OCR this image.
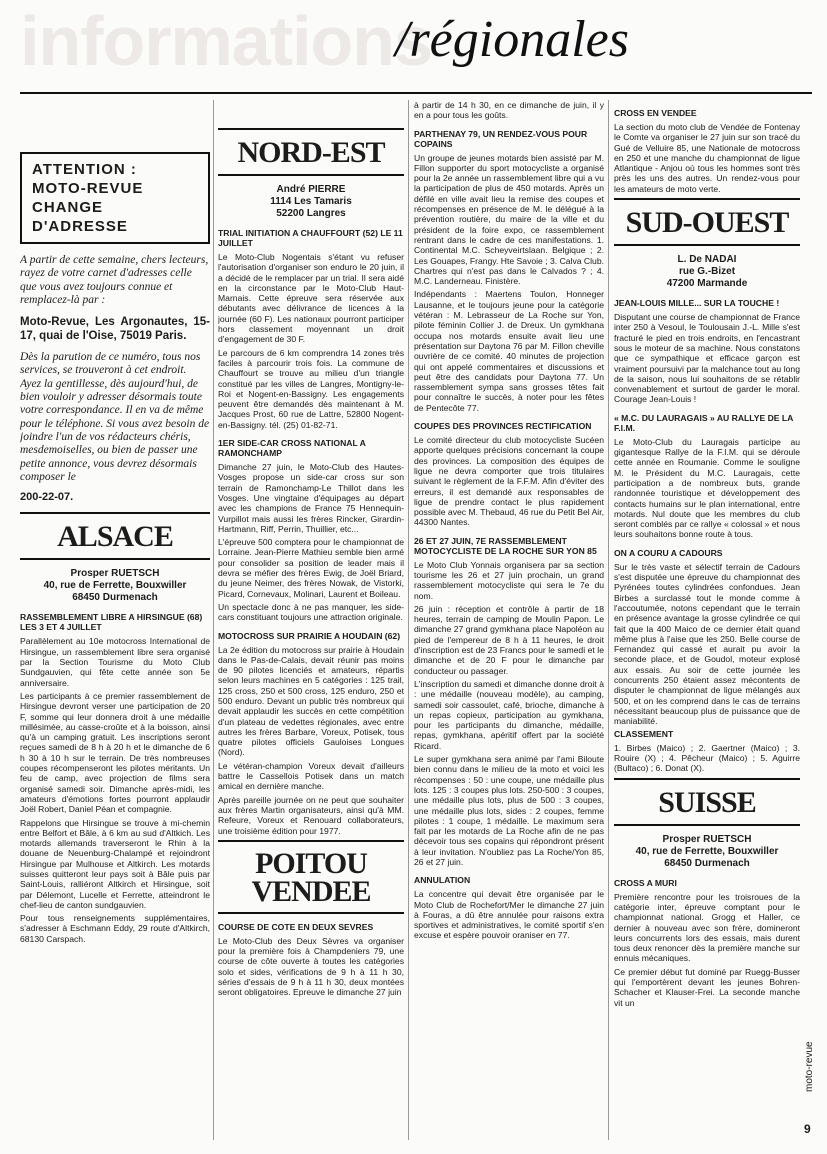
informations
/régionales

ATTENTION :

MOTO-REVUE

CHANGE

D'ADRESSE

A partir de cette semaine, chers lecteurs, rayez de votre carnet d'adresses celle que vous avez toujours connue et remplacez-là par :

Moto-Revue, Les Argonautes, 15-17, quai de l'Oise, 75019 Paris.

Dès la parution de ce numéro, tous nos services, se trouveront à cet endroit. Ayez la gentillesse, dès aujourd'hui, de bien vouloir y adresser désormais toute votre correspondance. Il en va de même pour le téléphone. Si vous avez besoin de joindre l'un de vos rédacteurs chéris, mesdemoiselles, ou bien de passer une petite annonce, vous devrez désormais composer le

200-22-07.

ALSACE
Prosper RUETSCH
40, rue de Ferrette, Bouxwiller
68450 Durmenach
RASSEMBLEMENT LIBRE A HIRSINGUE (68) LES 3 ET 4 JUILLET

Parallèlement au 10e motocross International de Hirsingue, un rassemblement libre sera organisé par la Section Tourisme du Moto Club Sundgauvien, qui fête cette année son 5e anniversaire.

Les participants à ce premier rassemblement de Hirsingue devront verser une participation de 20 F, somme qui leur donnera droit à une médaille millésimée, au casse-croûte et à la boisson, ainsi qu'à un camping gratuit. Les inscriptions seront reçues samedi de 8 h à 20 h et le dimanche de 6 h 30 à 10 h sur le terrain. De très nombreuses coupes récompenseront les pilotes méritants. Un feu de camp, avec projection de films sera organisé samedi soir. Dimanche après-midi, les amateurs d'émotions fortes pourront applaudir Joël Robert, Daniel Péan et compagnie.

Rappelons que Hirsingue se trouve à mi-chemin entre Belfort et Bâle, à 6 km au sud d'Altkich. Les motards allemands traverseront le Rhin à la douane de Neuenburg-Chalampé et rejoindront Hirsingue par Mulhouse et Altkirch. Les motards suisses quitteront leur pays soit à Bâle puis par Saint-Louis, ralliéront Altkirch et Hirsingue, soit par Délemont, Lucelle et Ferrette, atteindront le chef-lieu de canton sundgauvien.

Pour tous renseignements supplémentaires, s'adresser à Eschmann Eddy, 29 route d'Altkirch, 68130 Carspach.

NORD-EST
André PIERRE
1114 Les Tamaris
52200 Langres
TRIAL INITIATION A CHAUFFOURT (52) LE 11 JUILLET

Le Moto-Club Nogentais s'étant vu refuser l'autorisation d'organiser son enduro le 20 juin, il a décidé de le remplacer par un trial. Il sera aidé en la circonstance par le Moto-Club Haut-Marnais. Cette épreuve sera réservée aux débutants avec délivrance de licences à la journée (60 F). Les nationaux pourront participer hors classement moyennant un droit d'engagement de 30 F.

Le parcours de 6 km comprendra 14 zones très faciles à parcourir trois fois. La commune de Chauffourt se trouve au milieu d'un triangle constitué par les villes de Langres, Montigny-le-Roi et Nogent-en-Bassigny. Les engagements peuvent être demandés dès maintenant à M. Jacques Prost, 60 rue de Lattre, 52800 Nogent-en-Bassigny. tél. (25) 01-82-71.

1ER SIDE-CAR CROSS NATIONAL A RAMONCHAMP

Dimanche 27 juin, le Moto-Club des Hautes-Vosges propose un side-car cross sur son terrain de Ramonchamp-Le Thillot dans les Vosges. Une vingtaine d'équipages au départ avec les champions de France 75 Hennequin-Vurpillot mais aussi les frères Rincker, Girardin-Hartmann, Riff, Perrin, Thuillier, etc...

L'épreuve 500 comptera pour le championnat de Lorraine. Jean-Pierre Mathieu semble bien armé pour consolider sa position de leader mais il devra se méfier des frères Ewig, de Joël Briard, du jeune Neimer, des frères Nowak, de Vistorki, Picard, Cornevaux, Molinari, Laurent et Boileau.

Un spectacle donc à ne pas manquer, les side-cars constituant toujours une attraction originale.

MOTOCROSS SUR PRAIRIE A HOUDAIN (62)

La 2e édition du motocross sur prairie à Houdain dans le Pas-de-Calais, devait réunir pas moins de 90 pilotes licenciés et amateurs, répartis selon leurs machines en 5 catégories : 125 trail, 125 cross, 250 et 500 cross, 125 enduro, 250 et 500 enduro. Devant un public très nombreux qui devait applaudir les succès en cette compétition d'un plateau de vedettes régionales, avec entre autres les frères Barbare, Voreux, Potisek, tous quatre pilotes officiels Gauloises Longues (Nord).

Le vétéran-champion Voreux devait d'ailleurs battre le Cassellois Potisek dans un match amical en dernière manche.

Après pareille journée on ne peut que souhaiter aux frères Martin organisateurs, ainsi qu'à MM. Refeure, Voreux et Renouard collaborateurs, une troisième édition pour 1977.

POITOU
VENDEE
COURSE DE COTE EN DEUX SEVRES

Le Moto-Club des Deux Sèvres va organiser pour la première fois à Champdeniers 79, une course de côte ouverte à toutes les catégories solo et sides, vérifications de 9 h à 11 h 30, séries d'essais de 9 h à 11 h 30, deux montées seront obligatoires. Epreuve le dimanche 27 juin

à partir de 14 h 30, en ce dimanche de juin, il y en a pour tous les goûts.

PARTHENAY 79, UN RENDEZ-VOUS POUR COPAINS

Un groupe de jeunes motards bien assisté par M. Fillon supporter du sport motocycliste a organisé pour la 2e année un rassemblement libre qui a vu la participation de plus de 450 motards. Après un défilé en ville avait lieu la remise des coupes et récompenses en présence de M. le délégué à la prévention routière, du maire de la ville et du président de la foire expo, ce rassemblement rentrant dans le cadre de ces manifestations. 1. Continental M.C. Scheyveirtslaan. Belgique ; 2. Les Gouapes, Frangy. Hte Savoie ; 3. Calva Club. Chartres qui n'est pas dans le Calvados ? ; 4. M.C. Landerneau. Finistère.

Indépendants : Maertens Toulon, Honneger Lausanne, et le toujours jeune pour la catégorie vétéran : M. Lebrasseur de La Roche sur Yon, pilote féminin Collier J. de Dreux. Un gymkhana occupa nos motards ensuite avait lieu une présentation sur Daytona 76 par M. Fillon cheville ouvrière de ce comité. 40 minutes de projection qui ont appelé commentaires et discussions et peut être des candidats pour Daytona 77. Un rassemblement sympa sans grosses têtes fait pour connaître le succès, à noter pour les fêtes de Pentecôte 77.

COUPES DES PROVINCES RECTIFICATION

Le comité directeur du club motocycliste Sucéen apporte quelques précisions concernant la coupe des provinces. La composition des équipes de ligue ne devra comporter que trois titulaires suivant le règlement de la F.F.M. Afin d'éviter des erreurs, il est demandé aux responsables de ligue de prendre contact le plus rapidement possible avec M. Thebaud, 46 rue du Petit Bel Air, 44300 Nantes.

26 ET 27 JUIN, 7E RASSEMBLEMENT MOTOCYCLISTE DE LA ROCHE SUR YON 85

Le Moto Club Yonnais organisera par sa section tourisme les 26 et 27 juin prochain, un grand rassemblement motocycliste qui sera le 7e du nom.

26 juin : réception et contrôle à partir de 18 heures, terrain de camping de Moulin Papon. Le dimanche 27 grand gymkhana place Napoléon au pied de l'empereur de 8 h à 11 heures, le droit d'inscription est de 23 Francs pour le samedi et le dimanche et de 20 F pour le dimanche par conducteur ou passager.

L'inscription du samedi et dimanche donne droit à : une médaille (nouveau modèle), au camping, samedi soir cassoulet, café, brioche, dimanche à un repas copieux, participation au gymkhana, pour les participants du dimanche, médaille, repas, gymkhana, apéritif offert par la société Ricard.

Le super gymkhana sera animé par l'ami Biloute bien connu dans le milieu de la moto et voici les récompenses : 50 : une coupe, une médaille plus lots. 125 : 3 coupes plus lots. 250-500 : 3 coupes, une médaille plus lots, plus de 500 : 3 coupes, une médaille plus lots, sides : 2 coupes, femme pilotes : 1 coupe, 1 médaille. Le maximum sera fait par les motards de La Roche afin de ne pas décevoir tous ses copains qui répondront présent à leur invitation. N'oubliez pas La Roche/Yon 85, 26 et 27 juin.

ANNULATION

La concentre qui devait être organisée par le Moto Club de Rochefort/Mer le dimanche 27 juin à Fouras, a dû être annulée pour raisons extra sportives et administratives, le comité sportif s'en excuse et espère pouvoir oraniser en 77.

CROSS EN VENDEE

La section du moto club de Vendée de Fontenay le Comte va organiser le 27 juin sur son tracé du Gué de Velluire 85, une Nationale de motocross en 250 et une manche du championnat de ligue Atlantique - Anjou où tous les hommes sont très près les uns des autres. Un rendez-vous pour les amateurs de moto verte.

SUD-OUEST
L. De NADAI
rue G.-Bizet
47200 Marmande
JEAN-LOUIS MILLE... SUR LA TOUCHE !

Disputant une course de championnat de France inter 250 à Vesoul, le Toulousain J.-L. Mille s'est fracturé le pied en trois endroits, en l'encastrant sous le moteur de sa machine. Nous constatons que ce sympathique et efficace garçon est vraiment poursuivi par la malchance tout au long de la saison, nous lui souhaitons de se rétablir convenablement et surtout de garder le moral. Courage Jean-Louis !

« M.C. DU LAURAGAIS » AU RALLYE DE LA F.I.M.

Le Moto-Club du Lauragais participe au gigantesque Rallye de la F.I.M. qui se déroule cette année en Roumanie. Comme le souligne M. le Président du M.C. Lauragais, cette participation a de nombreux buts, grande randonnée touristique et développement des contacts humains sur le plan international, entre motards. Nul doute que les membres du club seront comblés par ce rallye « colossal » et nous leurs souhaitons bonne route à tous.

ON A COURU A CADOURS

Sur le très vaste et sélectif terrain de Cadours s'est disputée une épreuve du championnat des Pyrénées toutes cylindrées confondues. Jean Birbes a surclassé tout le monde comme à l'accoutumée, notons cependant que le terrain en présence avantage la grosse cylindrée ce qui fait que la 400 Maico de ce dernier était quand même plus à l'aise que les 250. Belle course de Fernandez qui cassé et aurait pu avoir la seconde place, et de Goudol, moteur explosé aux essais. Au soir de cette journée les concurrents 250 étaient assez mécontents de disputer le championnat de ligue mélangés aux 500, et on les comprend dans le cas de terrains nécessitant beaucoup plus de puissance que de maniabilité.

CLASSEMENT

1. Birbes (Maico) ; 2. Gaertner (Maico) ; 3. Rouire (X) ; 4. Pêcheur (Maico) ; 5. Aguirre (Bultaco) ; 6. Donat (X).

SUISSE
Prosper RUETSCH
40, rue de Ferrette, Bouxwiller
68450 Durmenach
CROSS A MURI

Première rencontre pour les troisroues de la catégorie inter, épreuve comptant pour le championnat national. Grogg et Haller, ce dernier à nouveau avec son frère, domineront leurs concurrents lors des essais, mais durent tous deux renoncer dès la première manche sur ennuis mécaniques.

Ce premier début fut dominé par Ruegg-Busser qui l'emportèrent devant les jeunes Bohren-Schacher et Klauser-Frei. La seconde manche vit un

moto-revue
9
